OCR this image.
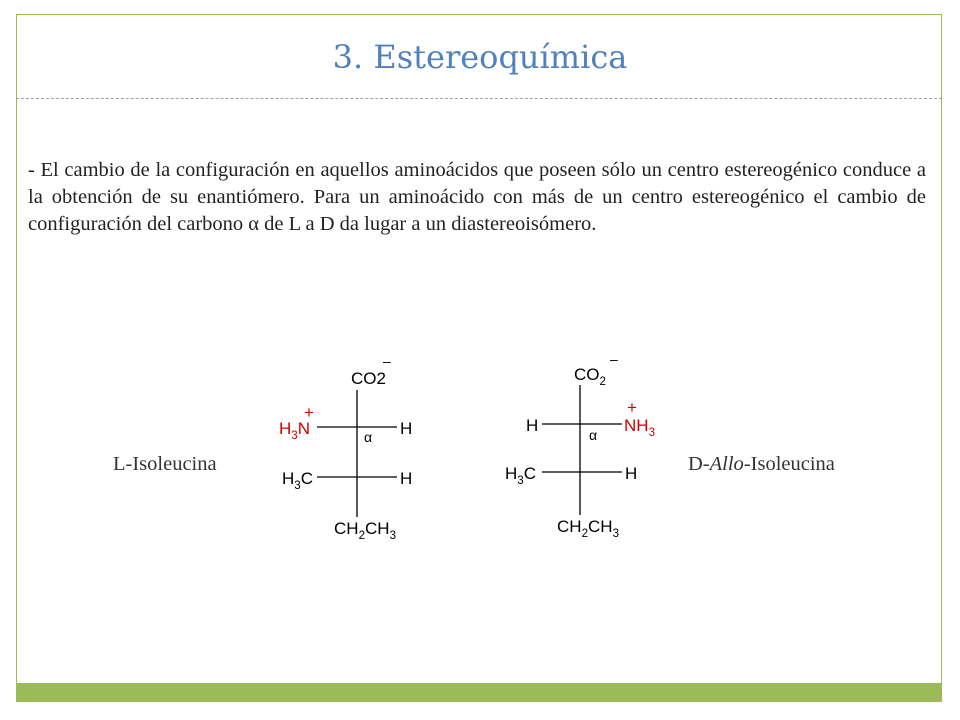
3. Estereoquímica
- El cambio de la configuración en aquellos aminoácidos que poseen sólo un centro estereogénico conduce a la obtención de su enantiómero. Para un aminoácido con más de un centro estereogénico el cambio de configuración del carbono α de L a D da lugar a un diastereoisómero.
L-Isoleucina	D-Allo-Isoleucina
CO2
–
$H_3N$
+
α H
$H_3C$	H
$CH_2CH_3$
$CO_2$
–
H	$NH_3$
+
α
$H_3C$	H
$CH_2CH_3$
